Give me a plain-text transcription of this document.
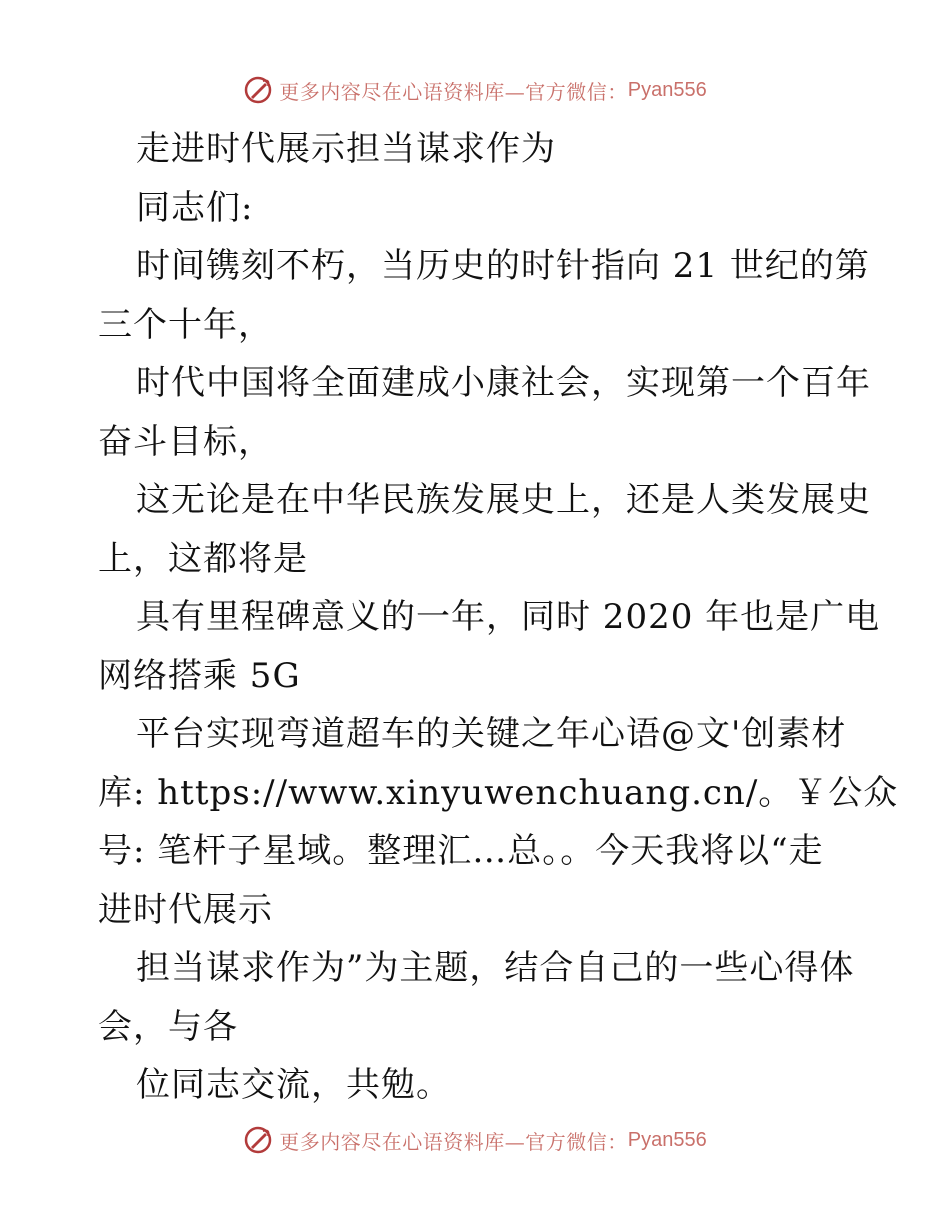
更多内容尽在心语资料库—官方微信： Pyan556
走进时代展示担当谋求作为
同志们:
时间镌刻不朽，当历史的时针指向 21 世纪的第
三个十年，
时代中国将全面建成小康社会，实现第一个百年
奋斗目标，
这无论是在中华民族发展史上，还是人类发展史
上，这都将是
具有里程碑意义的一年，同时 2020 年也是广电
网络搭乘 5G
平台实现弯道超车的关键之年心语@文'创素材
库: https://www.xinyuwenchuang.cn/。￥公众
号: 笔杆子星域。整理汇…总。。今天我将以“走
进时代展示
担当谋求作为”为主题，结合自己的一些心得体
会，与各
位同志交流，共勉。
更多内容尽在心语资料库—官方微信： Pyan556
